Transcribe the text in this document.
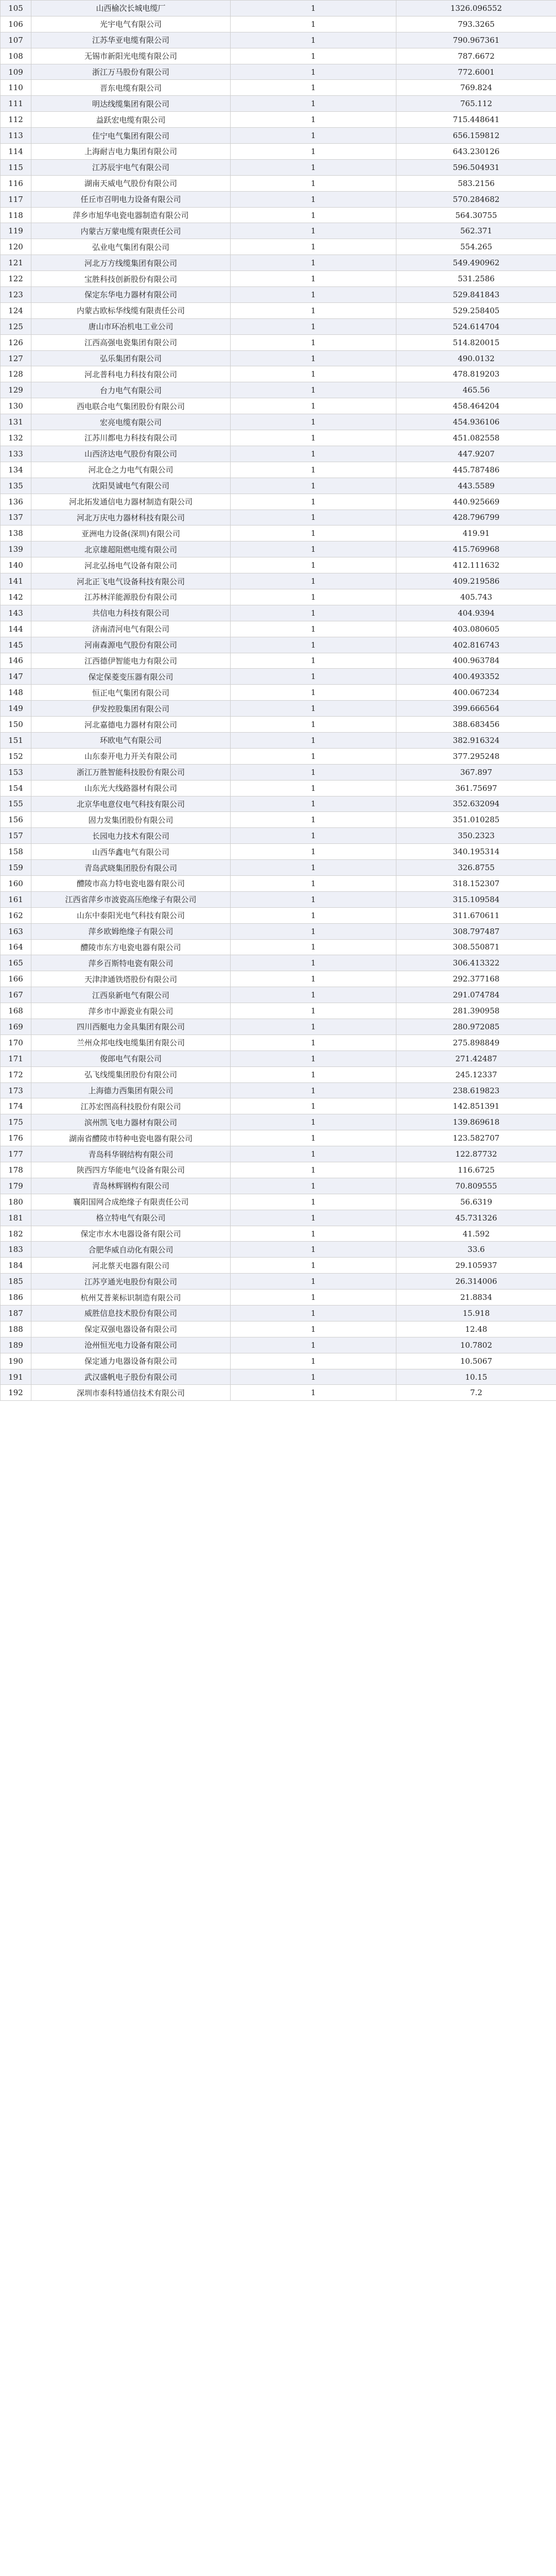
105	山西榆次长城电缆厂	1	1326.096552
106	光宇电气有限公司	1	793.3265
107	江苏华亚电缆有限公司	1	790.967361
108	无锡市新阳光电缆有限公司	1	787.6672
109	浙江万马股份有限公司	1	772.6001
110	晋东电缆有限公司	1	769.824
111	明达线缆集团有限公司	1	765.112
112	益跃宏电缆有限公司	1	715.448641
113	佳宁电气集团有限公司	1	656.159812
114	上海耐吉电力集团有限公司	1	643.230126
115	江苏辰宇电气有限公司	1	596.504931
116	湖南天威电气股份有限公司	1	583.2156
117	任丘市召明电力设备有限公司	1	570.284682
118	萍乡市旭华电瓷电器制造有限公司	1	564.30755
119	内蒙古万蒙电缆有限责任公司	1	562.371
120	弘业电气集团有限公司	1	554.265
121	河北万方线缆集团有限公司	1	549.490962
122	宝胜科技创新股份有限公司	1	531.2586
123	保定东华电力器材有限公司	1	529.841843
124	内蒙古欧标华线缆有限责任公司	1	529.258405
125	唐山市环冶机电工业公司	1	524.614704
126	江西高强电瓷集团有限公司	1	514.820015
127	弘乐集团有限公司	1	490.0132
128	河北普科电力科技有限公司	1	478.819203
129	台力电气有限公司	1	465.56
130	西电联合电气集团股份有限公司	1	458.464204
131	宏亮电缆有限公司	1	454.936106
132	江苏川都电力科技有限公司	1	451.082558
133	山西济达电气股份有限公司	1	447.9207
134	河北仓之力电气有限公司	1	445.787486
135	沈阳昊诚电气有限公司	1	443.5589
136	河北拓发通信电力器材制造有限公司	1	440.925669
137	河北万庆电力器材科技有限公司	1	428.796799
138	亚洲电力设备(深圳)有限公司	1	419.91
139	北京雄超阻燃电缆有限公司	1	415.769968
140	河北弘扬电气设备有限公司	1	412.111632
141	河北正飞电气设备科技有限公司	1	409.219586
142	江苏林洋能源股份有限公司	1	405.743
143	共信电力科技有限公司	1	404.9394
144	济南清河电气有限公司	1	403.080605
145	河南森源电气股份有限公司	1	402.816743
146	江西德伊智能电力有限公司	1	400.963784
147	保定保菱变压器有限公司	1	400.493352
148	恒正电气集团有限公司	1	400.067234
149	伊发控股集团有限公司	1	399.666564
150	河北嘉德电力器材有限公司	1	388.683456
151	环欧电气有限公司	1	382.916324
152	山东泰开电力开关有限公司	1	377.295248
153	浙江万胜智能科技股份有限公司	1	367.897
154	山东光大线路器材有限公司	1	361.75697
155	北京华电意仪电气科技有限公司	1	352.632094
156	固力发集团股份有限公司	1	351.010285
157	长园电力技术有限公司	1	350.2323
158	山西华鑫电气有限公司	1	340.195314
159	青岛武晓集团股份有限公司	1	326.8755
160	醴陵市高力特电瓷电器有限公司	1	318.152307
161	江西省萍乡市波瓷高压绝缘子有限公司	1	315.109584
162	山东中泰阳光电气科技有限公司	1	311.670611
163	萍乡欧姆绝缘子有限公司	1	308.797487
164	醴陵市东方电瓷电器有限公司	1	308.550871
165	萍乡百斯特电瓷有限公司	1	306.413322
166	天津津通铁塔股份有限公司	1	292.377168
167	江西泉新电气有限公司	1	291.074784
168	萍乡市中源瓷业有限公司	1	281.390958
169	四川西艇电力金具集团有限公司	1	280.972085
170	兰州众邦电线电缆集团有限公司	1	275.898849
171	俊郎电气有限公司	1	271.42487
172	弘飞线缆集团股份有限公司	1	245.12337
173	上海德力西集团有限公司	1	238.619823
174	江苏宏图高科技股份有限公司	1	142.851391
175	滨州凯飞电力器材有限公司	1	139.869618
176	湖南省醴陵市特种电瓷电器有限公司	1	123.582707
177	青岛科华钢结构有限公司	1	122.87732
178	陕西四方华能电气设备有限公司	1	116.6725
179	青岛林辉钢构有限公司	1	70.809555
180	襄阳国网合成绝缘子有限责任公司	1	56.6319
181	格立特电气有限公司	1	45.731326
182	保定市水木电器设备有限公司	1	41.592
183	合肥华威自动化有限公司	1	33.6
184	河北蔡天电器有限公司	1	29.105937
185	江苏亨通光电股份有限公司	1	26.314006
186	杭州艾普莱标识制造有限公司	1	21.8834
187	威胜信息技术股份有限公司	1	15.918
188	保定双强电器设备有限公司	1	12.48
189	沧州恒光电力设备有限公司	1	10.7802
190	保定通力电器设备有限公司	1	10.5067
191	武汉盛帆电子股份有限公司	1	10.15
192	深圳市泰科特通信技术有限公司	1	7.2
